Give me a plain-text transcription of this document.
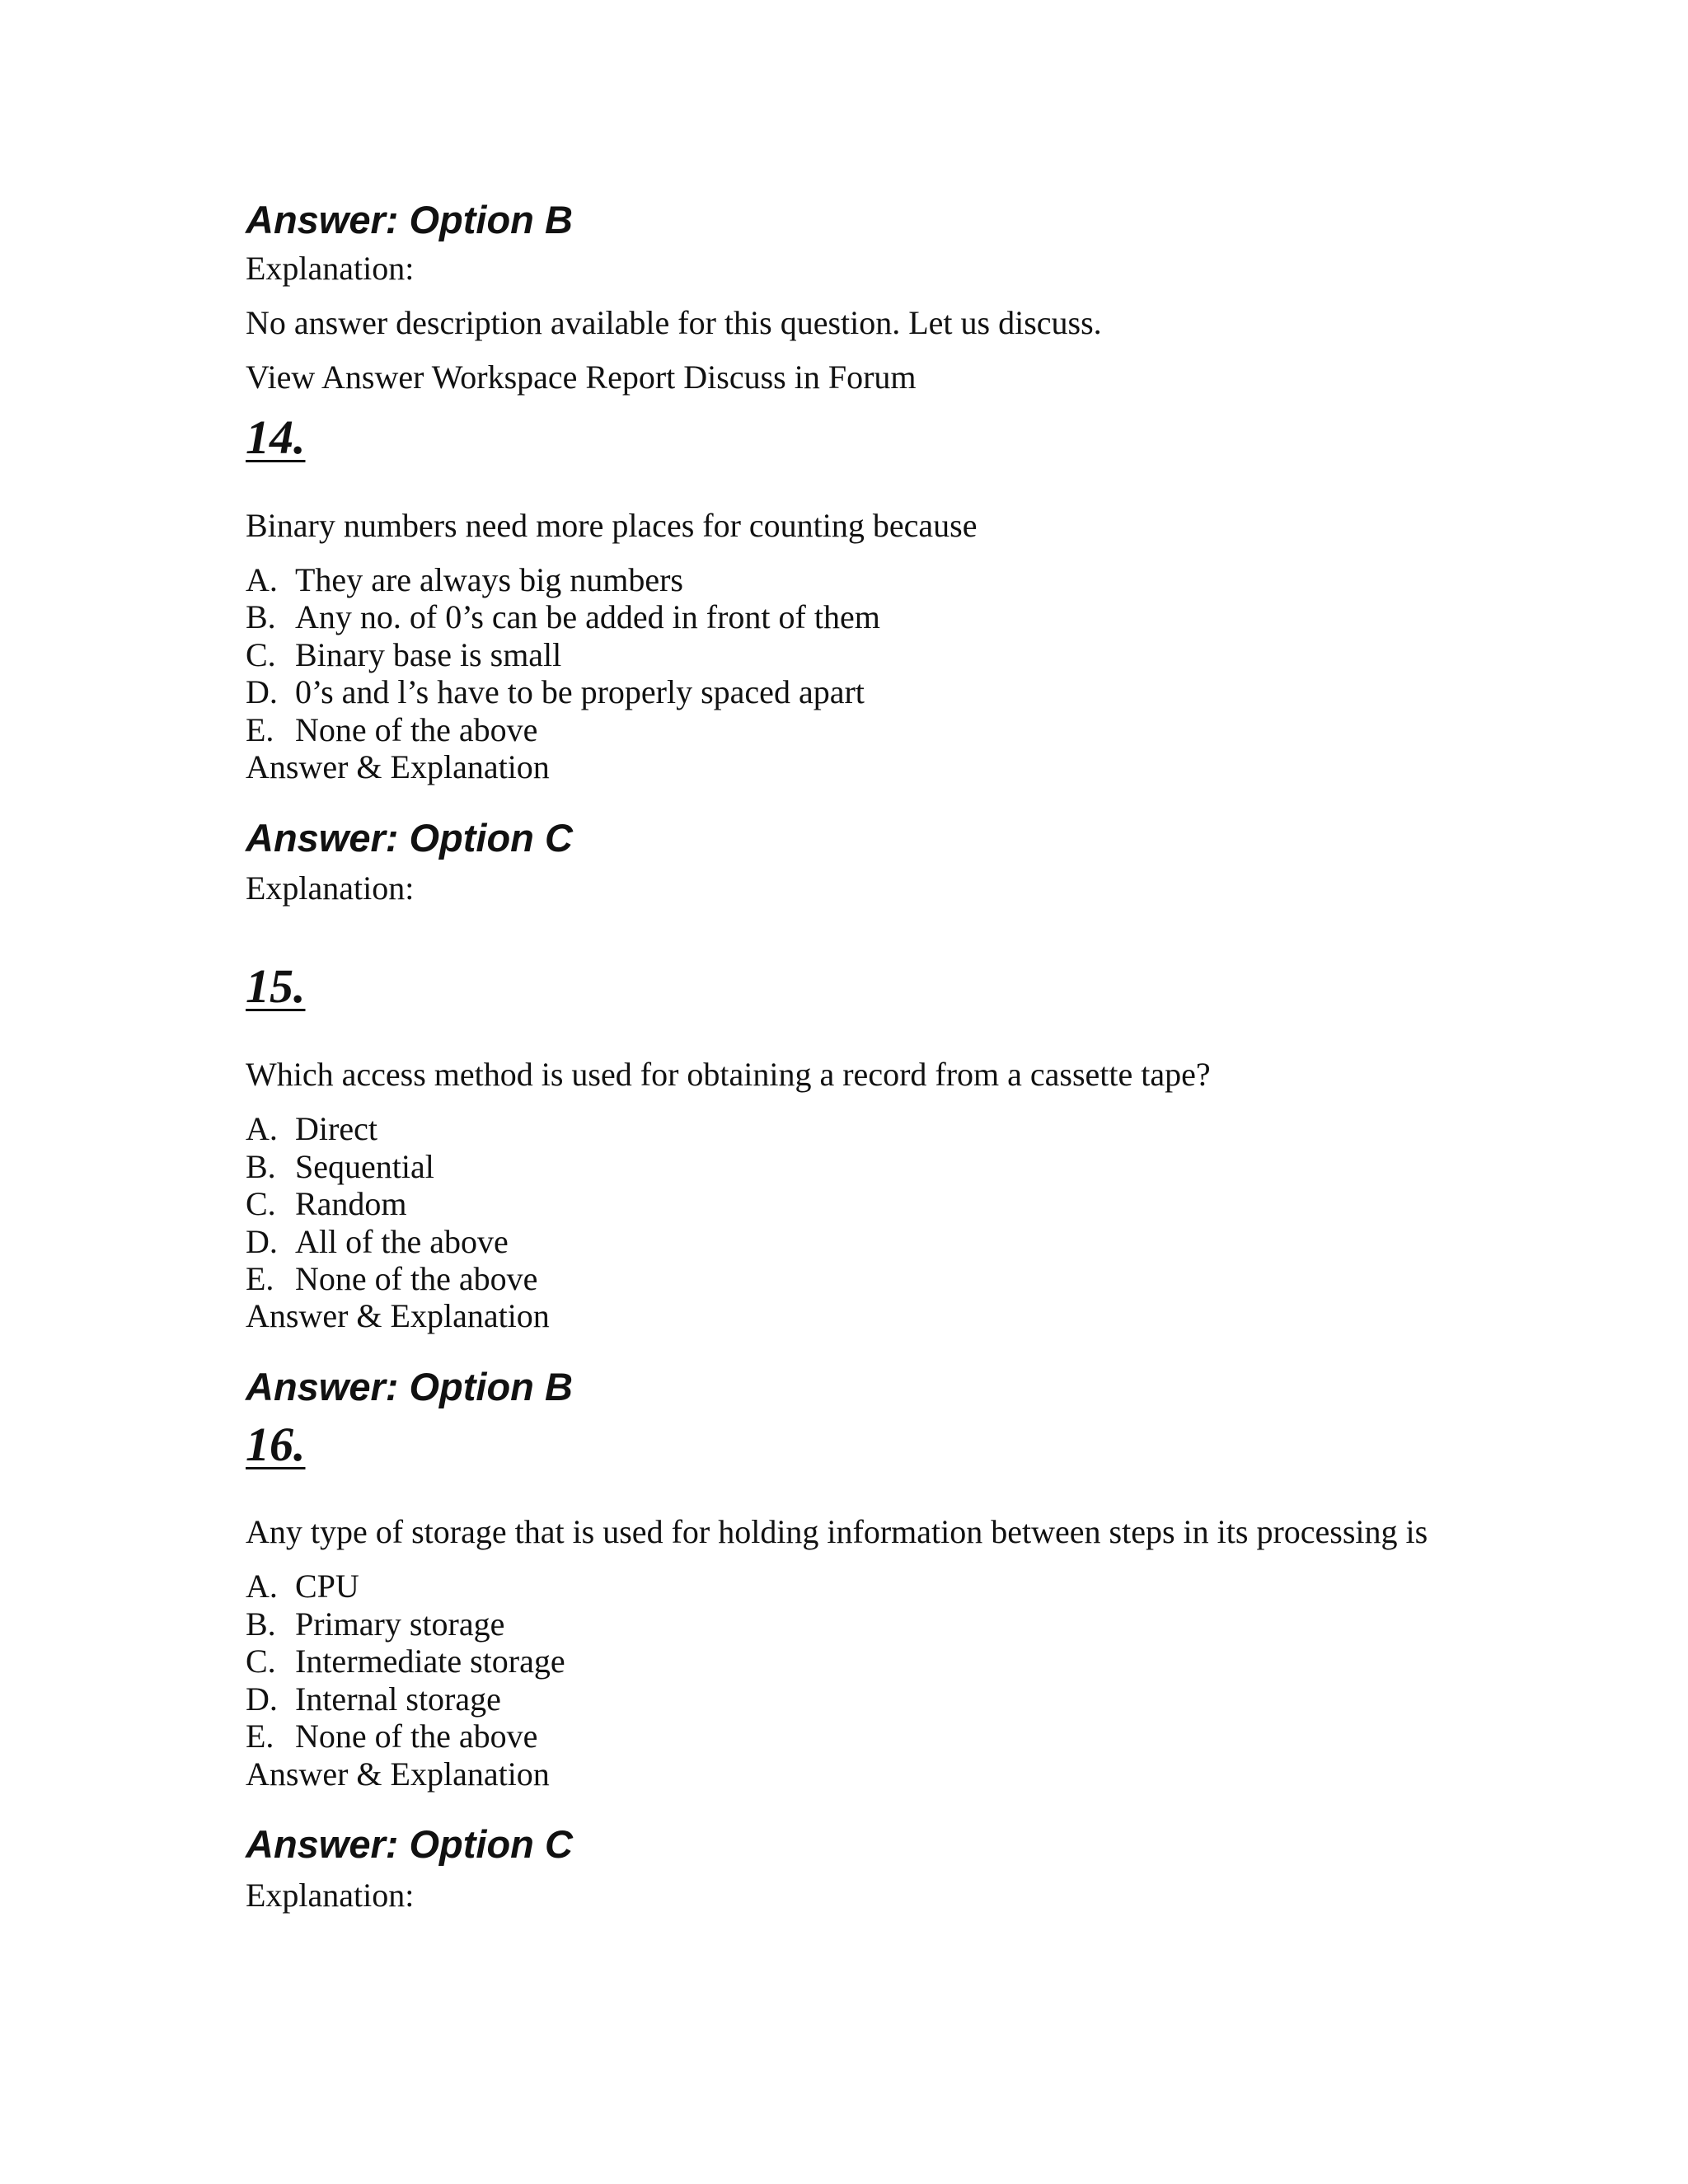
Answer: Option B
Explanation:
No answer description available for this question. Let us discuss.
View Answer Workspace Report Discuss in Forum
14.
Binary numbers need more places for counting because
A. They are always big numbers
B. Any no. of 0’s can be added in front of them
C. Binary base is small
D. 0’s and l’s have to be properly spaced apart
E. None of the above
Answer & Explanation
Answer: Option C
Explanation:
15.
Which access method is used for obtaining a record from a cassette tape?
A. Direct
B. Sequential
C. Random
D. All of the above
E. None of the above
Answer & Explanation
Answer: Option B
16.
Any type of storage that is used for holding information between steps in its processing is
A. CPU
B. Primary storage
C. Intermediate storage
D. Internal storage
E. None of the above
Answer & Explanation
Answer: Option C
Explanation:
